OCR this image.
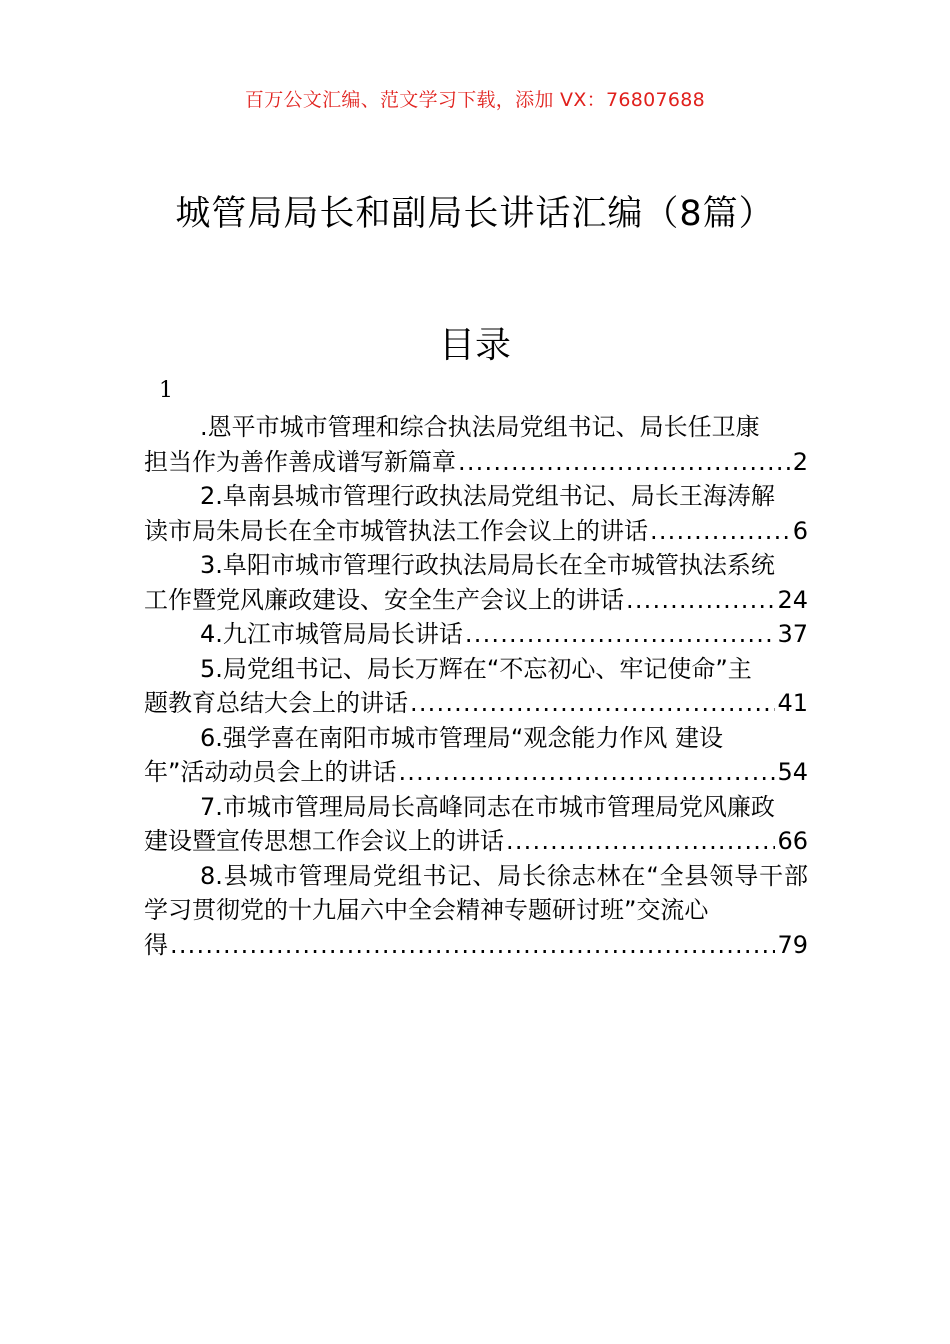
百万公文汇编、范文学习下载，添加 VX：76807688
城管局局长和副局长讲话汇编（8篇）
目录
1
.恩平市城市管理和综合执法局党组书记、局长任卫康
担当作为善作善成谱写新篇章 .....	2
2.阜南县城市管理行政执法局党组书记、局长王海涛解
读市局朱局长在全市城管执法工作会议上的讲话 .....	6
3.阜阳市城市管理行政执法局局长在全市城管执法系统
工作暨党风廉政建设、安全生产会议上的讲话 .....	24
4.九江市城管局局长讲话 .....	37
5.局党组书记、局长万辉在“不忘初心、牢记使命”主
题教育总结大会上的讲话 .....	41
6.强学喜在南阳市城市管理局“观念能力作风 建设
年”活动动员会上的讲话 .....	54
7.市城市管理局局长高峰同志在市城市管理局党风廉政
建设暨宣传思想工作会议上的讲话 .....	66
8.县城市管理局党组书记、局长徐志林在“全县领导干部学习贯彻党的十九届六中全会精神专题研讨班”交流心
得 .....	79
